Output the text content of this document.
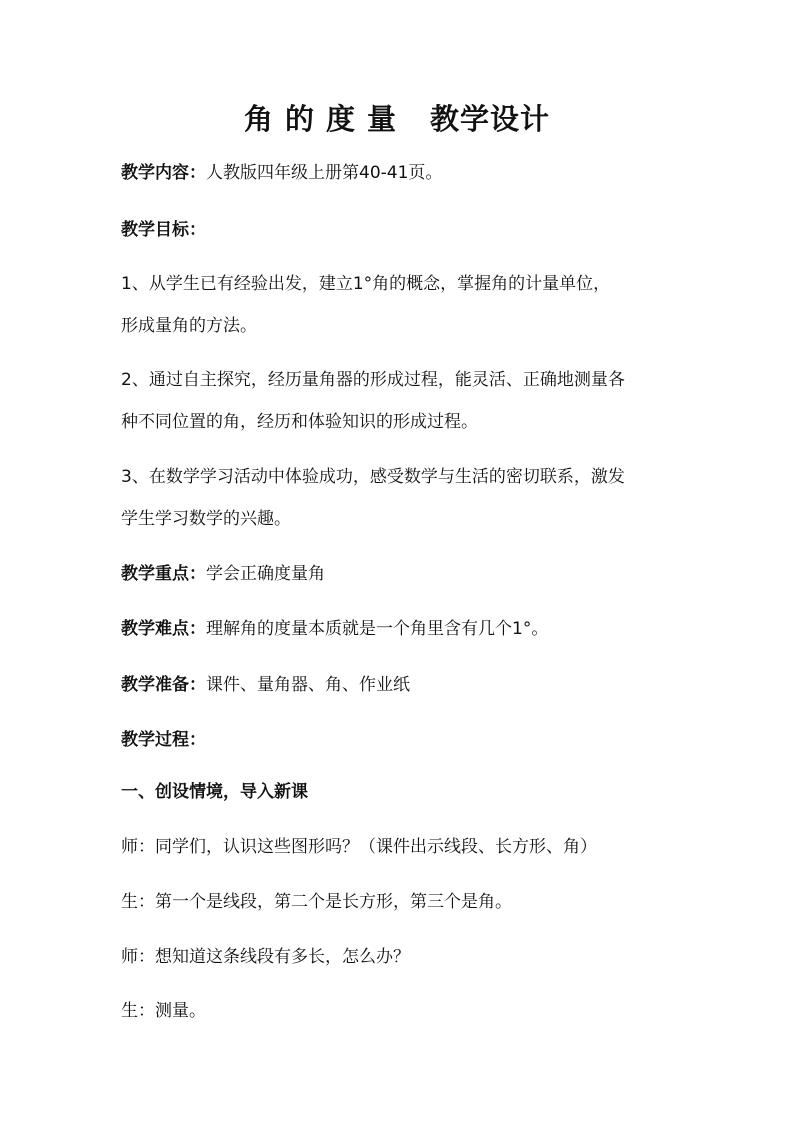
角的度量 教学设计
教学内容：人教版四年级上册第40-41页。
教学目标：
1、从学生已有经验出发，建立1°角的概念，掌握角的计量单位，
形成量角的方法。
2、通过自主探究，经历量角器的形成过程，能灵活、正确地测量各
种不同位置的角，经历和体验知识的形成过程。
3、在数学学习活动中体验成功，感受数学与生活的密切联系，激发
学生学习数学的兴趣。
教学重点：学会正确度量角
教学难点：理解角的度量本质就是一个角里含有几个1°。
教学准备：课件、量角器、角、作业纸
教学过程：
一、创设情境，导入新课
师：同学们，认识这些图形吗？（课件出示线段、长方形、角）
生：第一个是线段，第二个是长方形，第三个是角。
师：想知道这条线段有多长，怎么办？
生：测量。
